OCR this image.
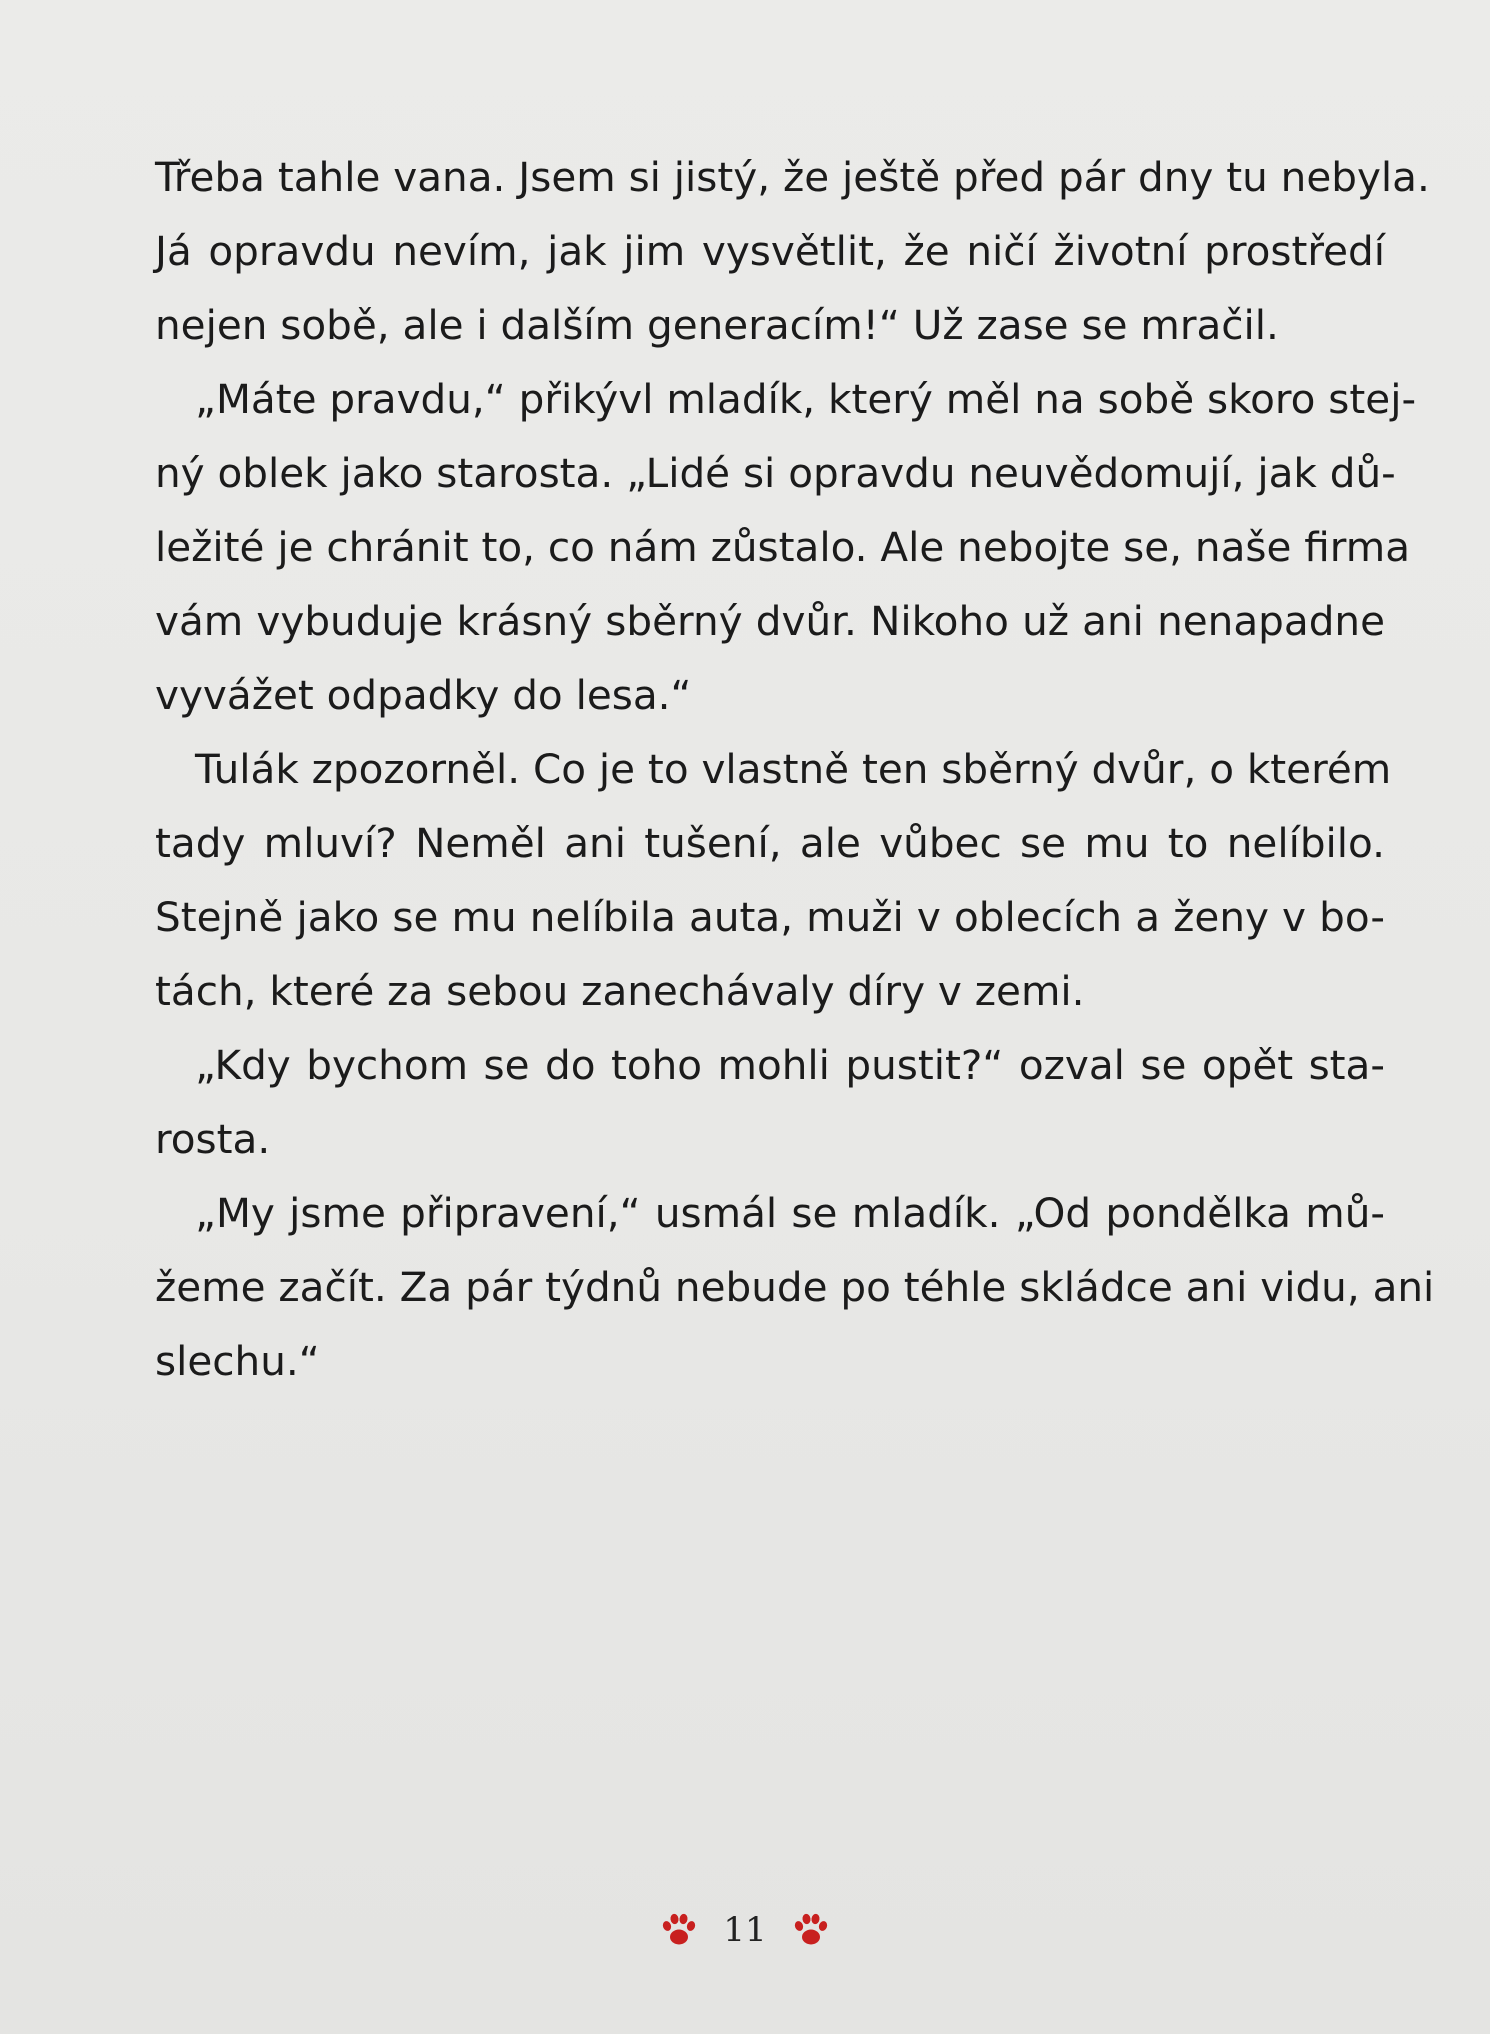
Třeba tahle vana. Jsem si jistý, že ještě před pár dny tu nebyla.
Já opravdu nevím, jak jim vysvětlit, že ničí životní prostředí
nejen sobě, ale i dalším generacím!“ Už zase se mračil.
„Máte pravdu,“ přikývl mladík, který měl na sobě skoro stej-
ný oblek jako starosta. „Lidé si opravdu neuvědomují, jak dů-
ležité je chránit to, co nám zůstalo. Ale nebojte se, naše firma
vám vybuduje krásný sběrný dvůr. Nikoho už ani nenapadne
vyvážet odpadky do lesa.“
Tulák zpozorněl. Co je to vlastně ten sběrný dvůr, o kterém
tady mluví? Neměl ani tušení, ale vůbec se mu to nelíbilo.
Stejně jako se mu nelíbila auta, muži v oblecích a ženy v bo-
tách, které za sebou zanechávaly díry v zemi.
„Kdy bychom se do toho mohli pustit?“ ozval se opět sta-
rosta.
„My jsme připravení,“ usmál se mladík. „Od pondělka mů-
žeme začít. Za pár týdnů nebude po téhle skládce ani vidu, ani
slechu.“
11
